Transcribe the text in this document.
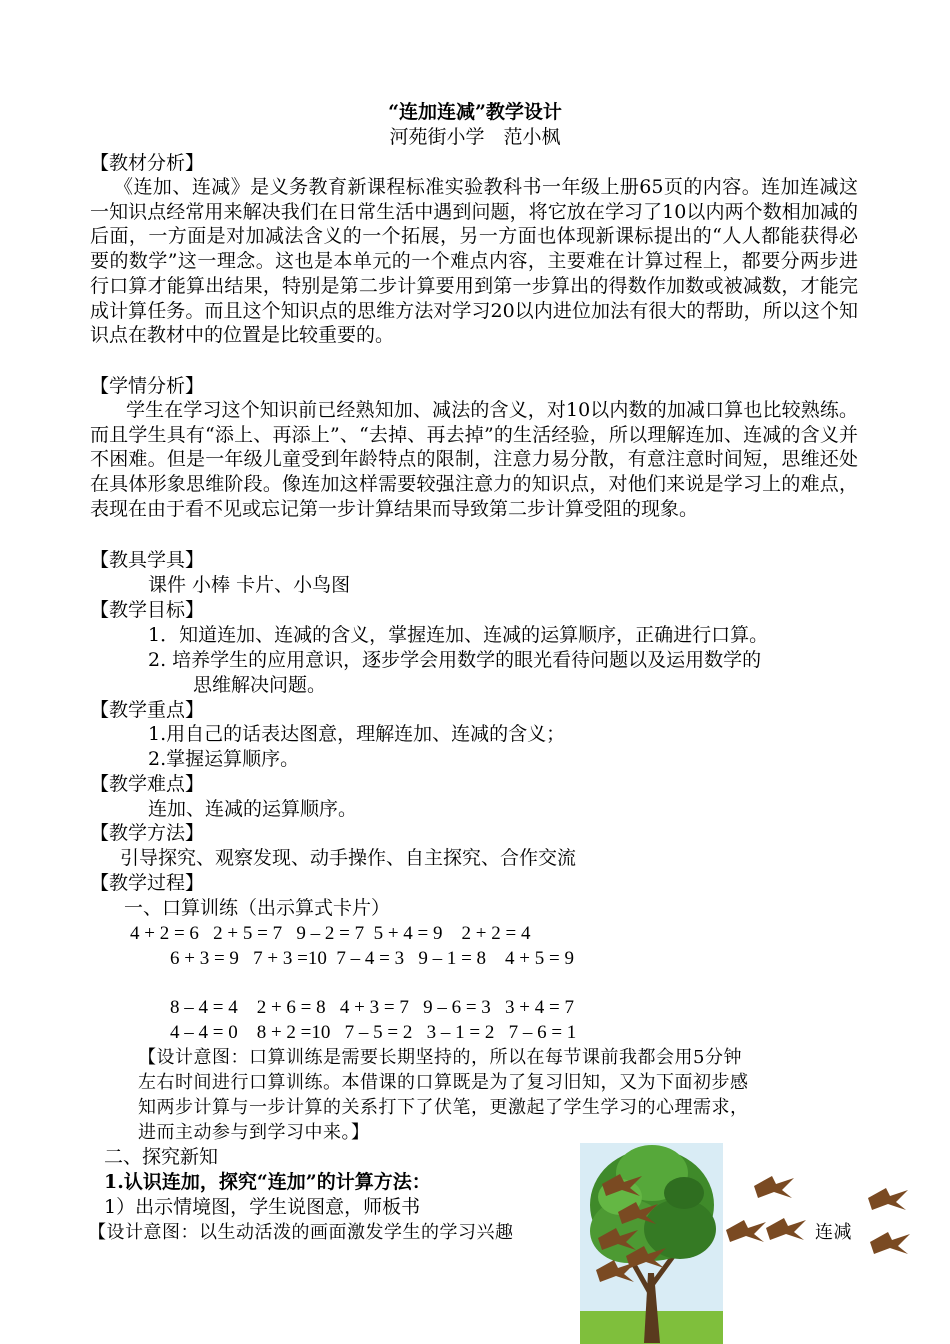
“连加连减”教学设计
河苑街小学　范小枫
【教材分析】
《连加、连减》是义务教育新课程标准实验教科书一年级上册65页的内容。连加连减这一知识点经常用来解决我们在日常生活中遇到问题，将它放在学习了10以内两个数相加减的后面，一方面是对加减法含义的一个拓展，另一方面也体现新课标提出的“人人都能获得必要的数学”这一理念。这也是本单元的一个难点内容，主要难在计算过程上，都要分两步进行口算才能算出结果，特别是第二步计算要用到第一步算出的得数作加数或被减数，才能完成计算任务。而且这个知识点的思维方法对学习20以内进位加法有很大的帮助，所以这个知识点在教材中的位置是比较重要的。
【学情分析】
学生在学习这个知识前已经熟知加、减法的含义，对10以内数的加减口算也比较熟练。而且学生具有“添上、再添上”、“去掉、再去掉”的生活经验，所以理解连加、连减的含义并不困难。但是一年级儿童受到年龄特点的限制，注意力易分散，有意注意时间短，思维还处在具体形象思维阶段。像连加这样需要较强注意力的知识点，对他们来说是学习上的难点，表现在由于看不见或忘记第一步计算结果而导致第二步计算受阻的现象。
【教具学具】
课件 小棒 卡片、小鸟图
【教学目标】
1．知道连加、连减的含义，掌握连加、连减的运算顺序，正确进行口算。
2. 培养学生的应用意识，逐步学会用数学的眼光看待问题以及运用数学的
思维解决问题。
【教学重点】
1.用自己的话表达图意，理解连加、连减的含义；
2.掌握运算顺序。
【教学难点】
连加、连减的运算顺序。
【教学方法】
引导探究、观察发现、动手操作、自主探究、合作交流
【教学过程】
一、口算训练（出示算式卡片）
4 + 2 = 6   2 + 5 = 7   9 – 2 = 7  5 + 4 = 9    2 + 2 = 4
6 + 3 = 9   7 + 3 =10  7 – 4 = 3   9 – 1 = 8    4 + 5 = 9
8 – 4 = 4    2 + 6 = 8   4 + 3 = 7   9 – 6 = 3   3 + 4 = 7
4 – 4 = 0    8 + 2 =10   7 – 5 = 2   3 – 1 = 2   7 – 6 = 1
【设计意图：口算训练是需要长期坚持的，所以在每节课前我都会用5分钟
左右时间进行口算训练。本借课的口算既是为了复习旧知，又为下面初步感
知两步计算与一步计算的关系打下了伏笔，更激起了学生学习的心理需求，
进而主动参与到学习中来。】
二、探究新知
1.认识连加，探究“连加”的计算方法：
1）出示情境图，学生说图意，师板书
【设计意图：以生动活泼的画面激发学生的学习兴趣	连减
